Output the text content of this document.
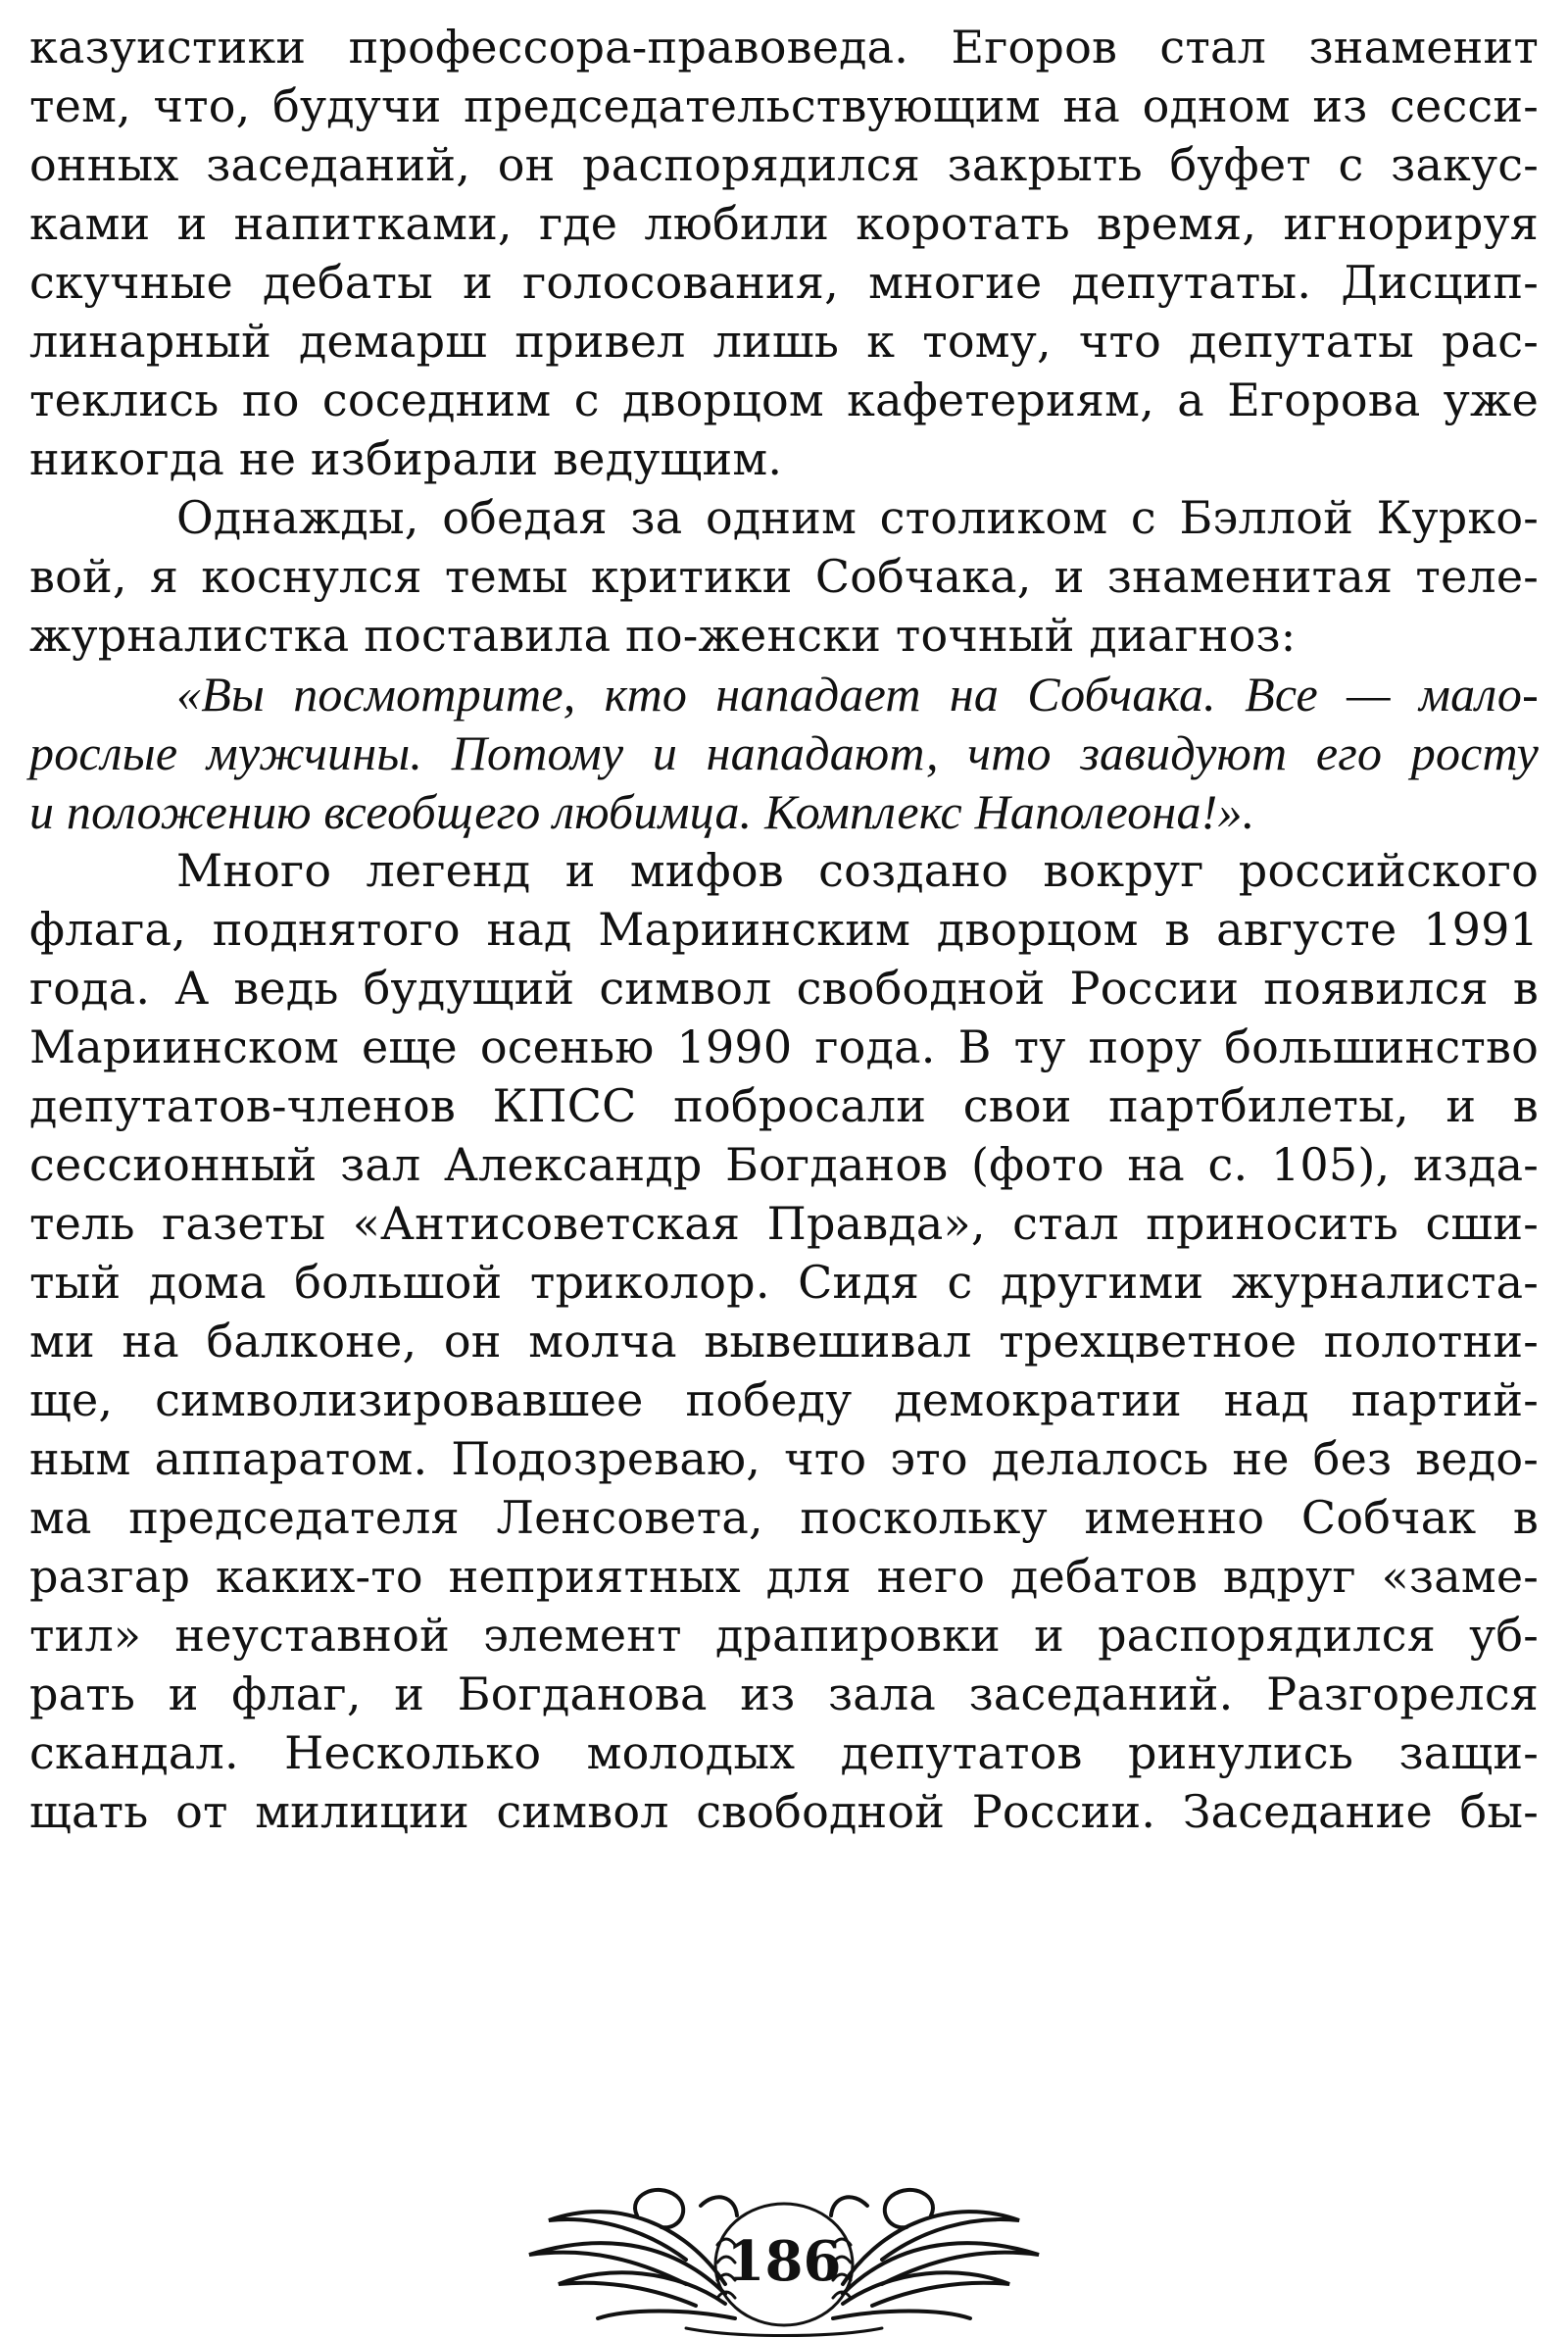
казуистики профессора-правоведа. Егоров стал знаменит
тем, что, будучи председательствующим на одном из сесси-
онных заседаний, он распорядился закрыть буфет с закус-
ками и напитками, где любили коротать время, игнорируя
скучные дебаты и голосования, многие депутаты. Дисцип-
линарный демарш привел лишь к тому, что депутаты рас-
теклись по соседним с дворцом кафетериям, а Егорова уже
никогда не избирали ведущим.
Однажды, обедая за одним столиком с Бэллой Курко-
вой, я коснулся темы критики Собчака, и знаменитая теле-
журналистка поставила по-женски точный диагноз:
«Вы посмотрите, кто нападает на Собчака. Все — мало-
рослые мужчины. Потому и нападают, что завидуют его росту
и положению всеобщего любимца. Комплекс Наполеона!».
Много легенд и мифов создано вокруг российского
флага, поднятого над Мариинским дворцом в августе 1991
года. А ведь будущий символ свободной России появился в
Мариинском еще осенью 1990 года. В ту пору большинство
депутатов-членов КПСС побросали свои партбилеты, и в
сессионный зал Александр Богданов (фото на с. 105), изда-
тель газеты «Антисоветская Правда», стал приносить сши-
тый дома большой триколор. Сидя с другими журналиста-
ми на балконе, он молча вывешивал трехцветное полотни-
ще, символизировавшее победу демократии над партий-
ным аппаратом. Подозреваю, что это делалось не без ведо-
ма председателя Ленсовета, поскольку именно Собчак в
разгар каких-то неприятных для него дебатов вдруг «заме-
тил» неуставной элемент драпировки и распорядился уб-
рать и флаг, и Богданова из зала заседаний. Разгорелся
скандал. Несколько молодых депутатов ринулись защи-
щать от милиции символ свободной России. Заседание бы-
186
